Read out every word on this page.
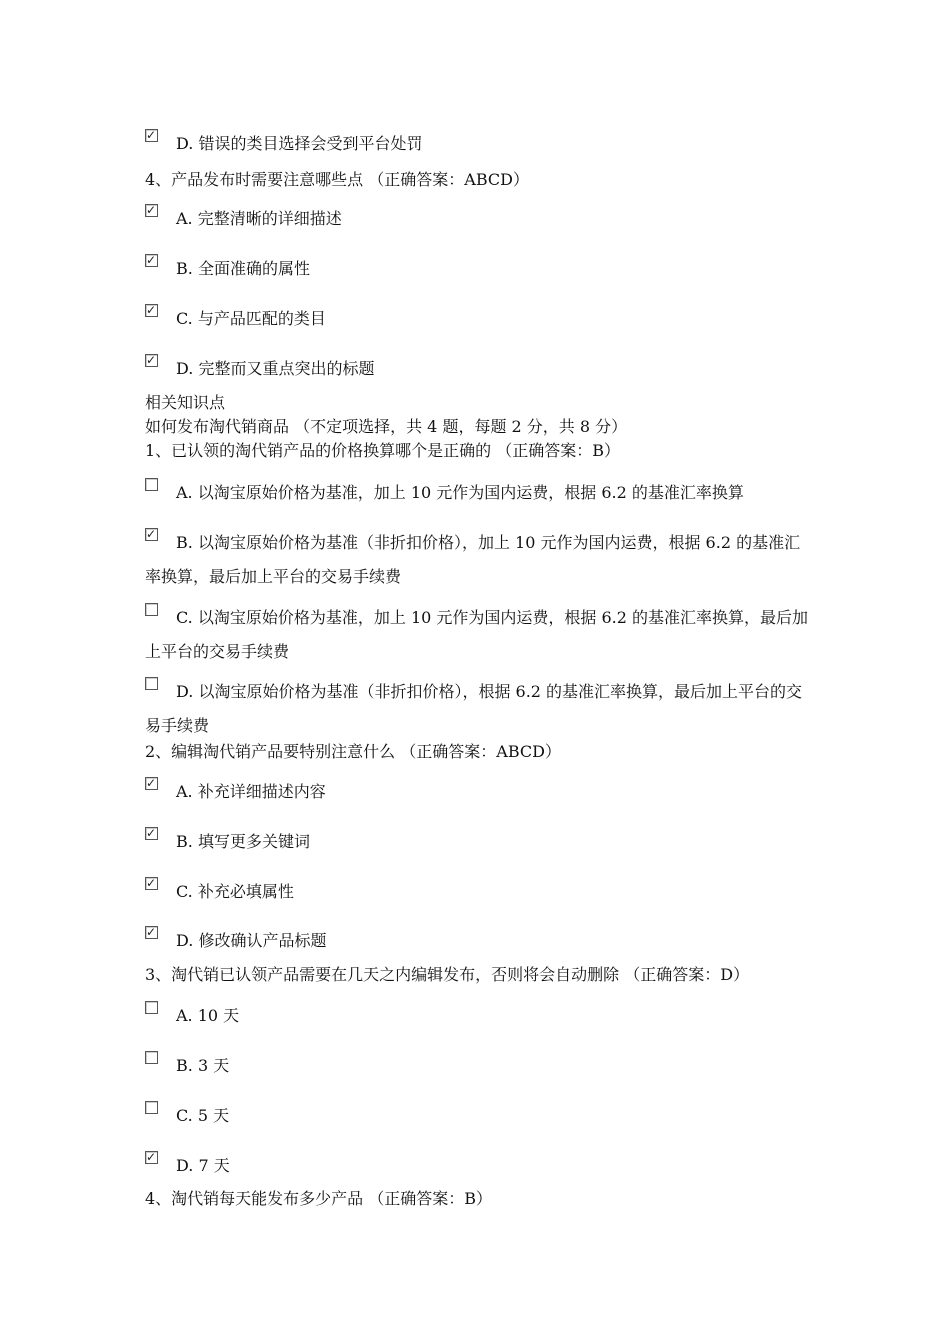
✓
D. 错误的类目选择会受到平台处罚
4、产品发布时需要注意哪些点 （正确答案：ABCD）
✓
A. 完整清晰的详细描述
✓
B. 全面准确的属性
✓
C. 与产品匹配的类目
✓
D. 完整而又重点突出的标题
相关知识点
如何发布淘代销商品 （不定项选择，共 4 题，每题 2 分，共 8 分）
1、已认领的淘代销产品的价格换算哪个是正确的 （正确答案：B）
A. 以淘宝原始价格为基准，加上 10 元作为国内运费，根据 6.2 的基准汇率换算
✓
B. 以淘宝原始价格为基准（非折扣价格），加上 10 元作为国内运费，根据 6.2 的基准汇率换算，最后加上平台的交易手续费
C. 以淘宝原始价格为基准，加上 10 元作为国内运费，根据 6.2 的基准汇率换算，最后加上平台的交易手续费
D. 以淘宝原始价格为基准（非折扣价格），根据 6.2 的基准汇率换算，最后加上平台的交易手续费
2、编辑淘代销产品要特别注意什么 （正确答案：ABCD）
✓
A. 补充详细描述内容
✓
B. 填写更多关键词
✓
C. 补充必填属性
✓
D. 修改确认产品标题
3、淘代销已认领产品需要在几天之内编辑发布，否则将会自动删除 （正确答案：D）
A. 10 天
B. 3 天
C. 5 天
✓
D. 7 天
4、淘代销每天能发布多少产品 （正确答案：B）
